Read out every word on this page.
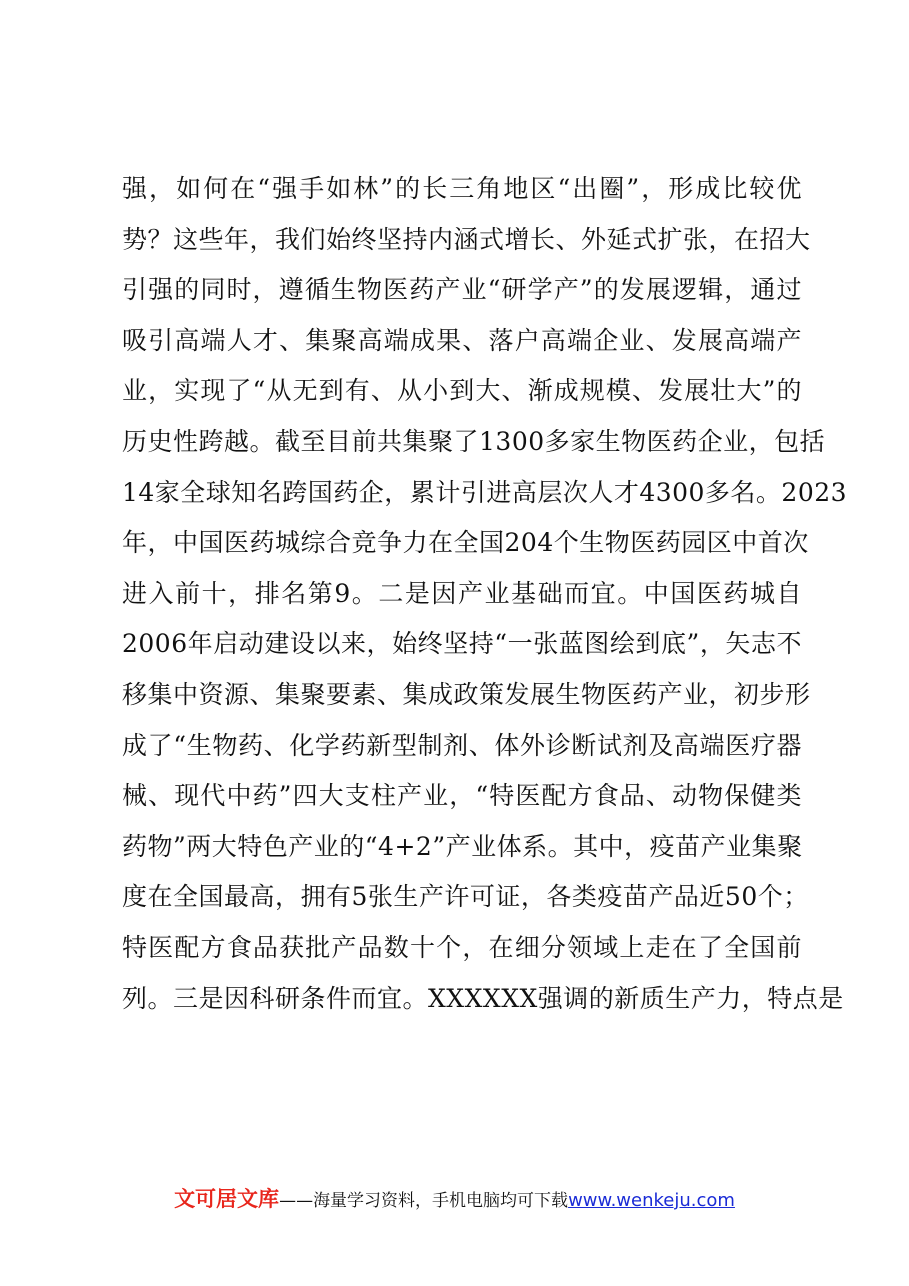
强，如何在“强手如林”的长三角地区“出圈”，形成比较优
势？这些年，我们始终坚持内涵式增长、外延式扩张，在招大
引强的同时，遵循生物医药产业“研学产”的发展逻辑，通过
吸引高端人才、集聚高端成果、落户高端企业、发展高端产
业，实现了“从无到有、从小到大、渐成规模、发展壮大”的
历史性跨越。截至目前共集聚了1300多家生物医药企业，包括
14家全球知名跨国药企，累计引进高层次人才4300多名。2023
年，中国医药城综合竞争力在全国204个生物医药园区中首次
进入前十，排名第9。二是因产业基础而宜。中国医药城自
2006年启动建设以来，始终坚持“一张蓝图绘到底”，矢志不
移集中资源、集聚要素、集成政策发展生物医药产业，初步形
成了“生物药、化学药新型制剂、体外诊断试剂及高端医疗器
械、现代中药”四大支柱产业，“特医配方食品、动物保健类
药物”两大特色产业的“4+2”产业体系。其中，疫苗产业集聚
度在全国最高，拥有5张生产许可证，各类疫苗产品近50个；
特医配方食品获批产品数十个，在细分领域上走在了全国前
列。三是因科研条件而宜。XXXXXX强调的新质生产力，特点是
文可居文库——海量学习资料，手机电脑均可下载www.wenkeju.com
